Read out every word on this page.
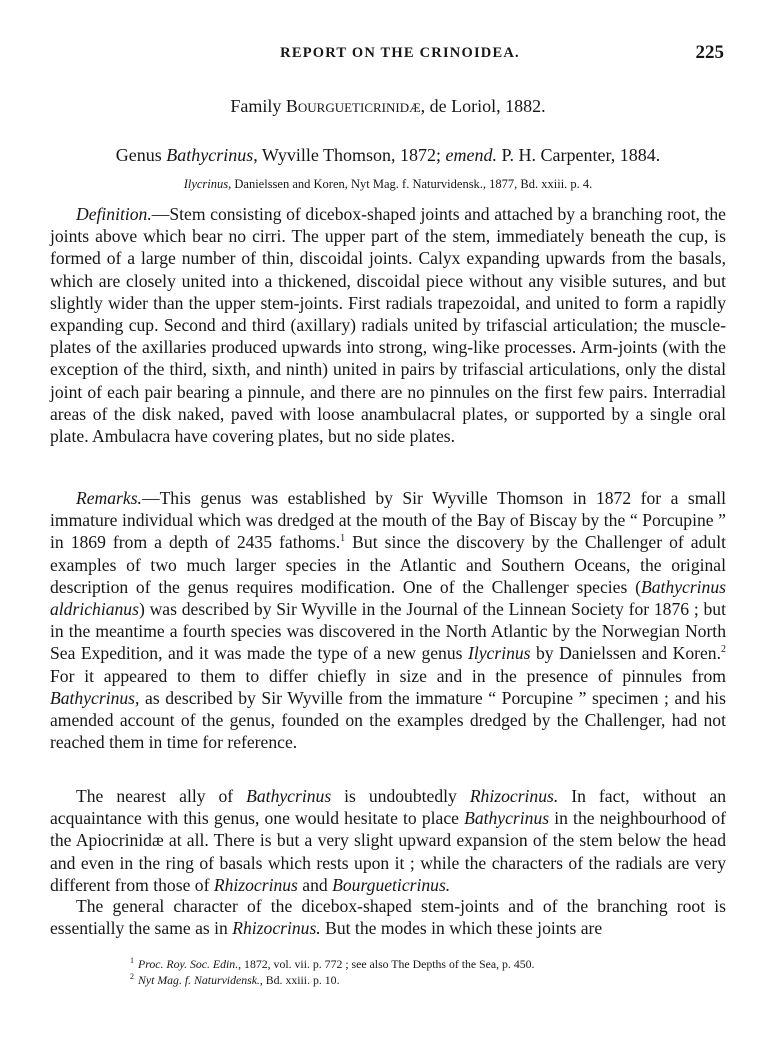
REPORT ON THE CRINOIDEA.	225
Family Bourgueticrinidæ, de Loriol, 1882.
Genus Bathycrinus, Wyville Thomson, 1872; emend. P. H. Carpenter, 1884.
Ilycrinus, Danielssen and Koren, Nyt Mag. f. Naturvidensk., 1877, Bd. xxiii. p. 4.

Definition.—Stem consisting of dicebox-shaped joints and attached by a branching root, the joints above which bear no cirri. The upper part of the stem, immediately beneath the cup, is formed of a large number of thin, discoidal joints. Calyx expanding upwards from the basals, which are closely united into a thickened, discoidal piece without any visible sutures, and but slightly wider than the upper stem-joints. First radials trapezoidal, and united to form a rapidly expanding cup. Second and third (axillary) radials united by trifascial articulation; the muscle-plates of the axillaries produced upwards into strong, wing-like processes. Arm-joints (with the exception of the third, sixth, and ninth) united in pairs by trifascial articulations, only the distal joint of each pair bearing a pinnule, and there are no pinnules on the first few pairs. Interradial areas of the disk naked, paved with loose anambulacral plates, or supported by a single oral plate. Ambulacra have covering plates, but no side plates.

Remarks.—This genus was established by Sir Wyville Thomson in 1872 for a small immature individual which was dredged at the mouth of the Bay of Biscay by the “ Porcupine ” in 1869 from a depth of 2435 fathoms.$^1$ But since the discovery by the Challenger of adult examples of two much larger species in the Atlantic and Southern Oceans, the original description of the genus requires modification. One of the Challenger species (Bathycrinus aldrichianus) was described by Sir Wyville in the Journal of the Linnean Society for 1876 ; but in the meantime a fourth species was discovered in the North Atlantic by the Norwegian North Sea Expedition, and it was made the type of a new genus Ilycrinus by Danielssen and Koren.$^2$ For it appeared to them to differ chiefly in size and in the presence of pinnules from Bathycrinus, as described by Sir Wyville from the immature “ Porcupine ” specimen ; and his amended account of the genus, founded on the examples dredged by the Challenger, had not reached them in time for reference.

The nearest ally of Bathycrinus is undoubtedly Rhizocrinus. In fact, without an acquaintance with this genus, one would hesitate to place Bathycrinus in the neighbourhood of the Apiocrinidæ at all. There is but a very slight upward expansion of the stem below the head and even in the ring of basals which rests upon it ; while the characters of the radials are very different from those of Rhizocrinus and Bourgueticrinus.

The general character of the dicebox-shaped stem-joints and of the branching root is essentially the same as in Rhizocrinus. But the modes in which these joints are

$^1$ Proc. Roy. Soc. Edin., 1872, vol. vii. p. 772 ; see also The Depths of the Sea, p. 450.
$^2$ Nyt Mag. f. Naturvidensk., Bd. xxiii. p. 10.
